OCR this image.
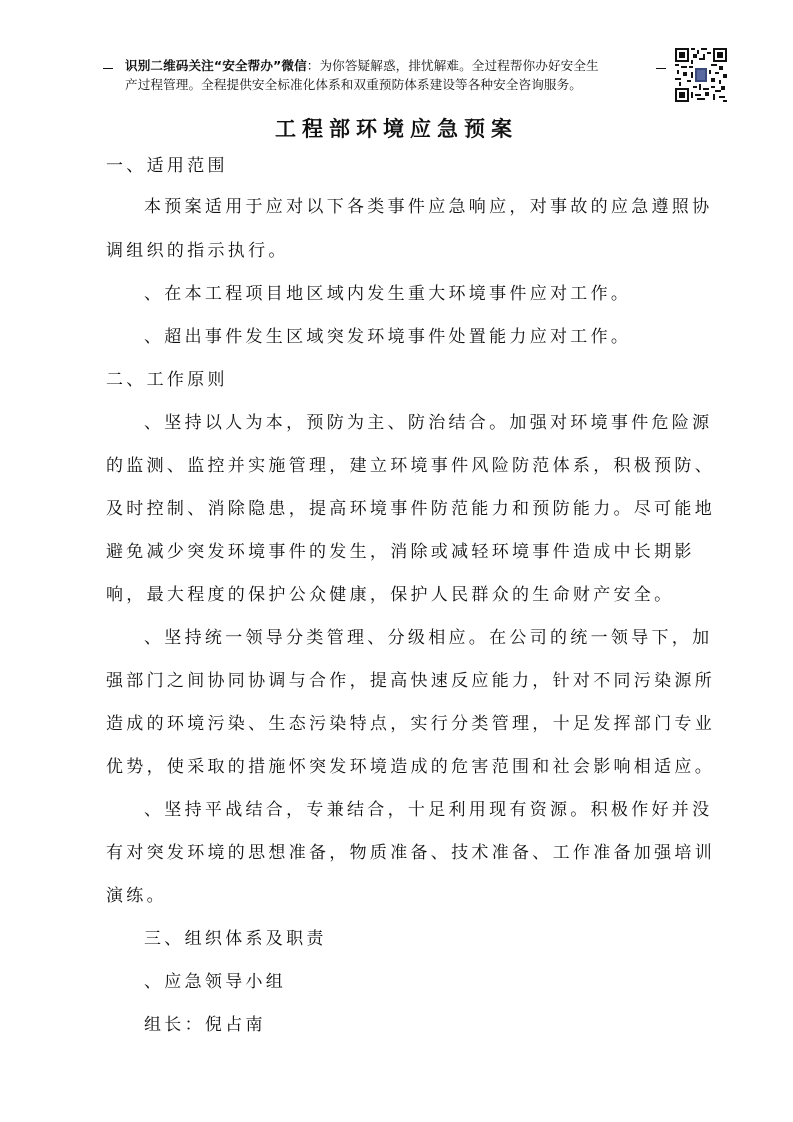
识别二维码关注“安全帮办”微信：为你答疑解惑，排忧解难。全过程帮你办好安全生
产过程管理。全程提供安全标准化体系和双重预防体系建设等各种安全咨询服务。
工程部环境应急预案
一、适用范围
本预案适用于应对以下各类事件应急响应，对事故的应急遵照协
调组织的指示执行。
、在本工程项目地区域内发生重大环境事件应对工作。
、超出事件发生区域突发环境事件处置能力应对工作。
二、工作原则
、坚持以人为本，预防为主、防治结合。加强对环境事件危险源
的监测、监控并实施管理，建立环境事件风险防范体系，积极预防、
及时控制、消除隐患，提高环境事件防范能力和预防能力。尽可能地
避免减少突发环境事件的发生，消除或减轻环境事件造成中长期影
响，最大程度的保护公众健康，保护人民群众的生命财产安全。
、坚持统一领导分类管理、分级相应。在公司的统一领导下，加
强部门之间协同协调与合作，提高快速反应能力，针对不同污染源所
造成的环境污染、生态污染特点，实行分类管理，十足发挥部门专业
优势，使采取的措施怀突发环境造成的危害范围和社会影响相适应。
、坚持平战结合，专兼结合，十足利用现有资源。积极作好并没
有对突发环境的思想准备，物质准备、技术准备、工作准备加强培训
演练。
三、组织体系及职责
、应急领导小组
组长：倪占南
